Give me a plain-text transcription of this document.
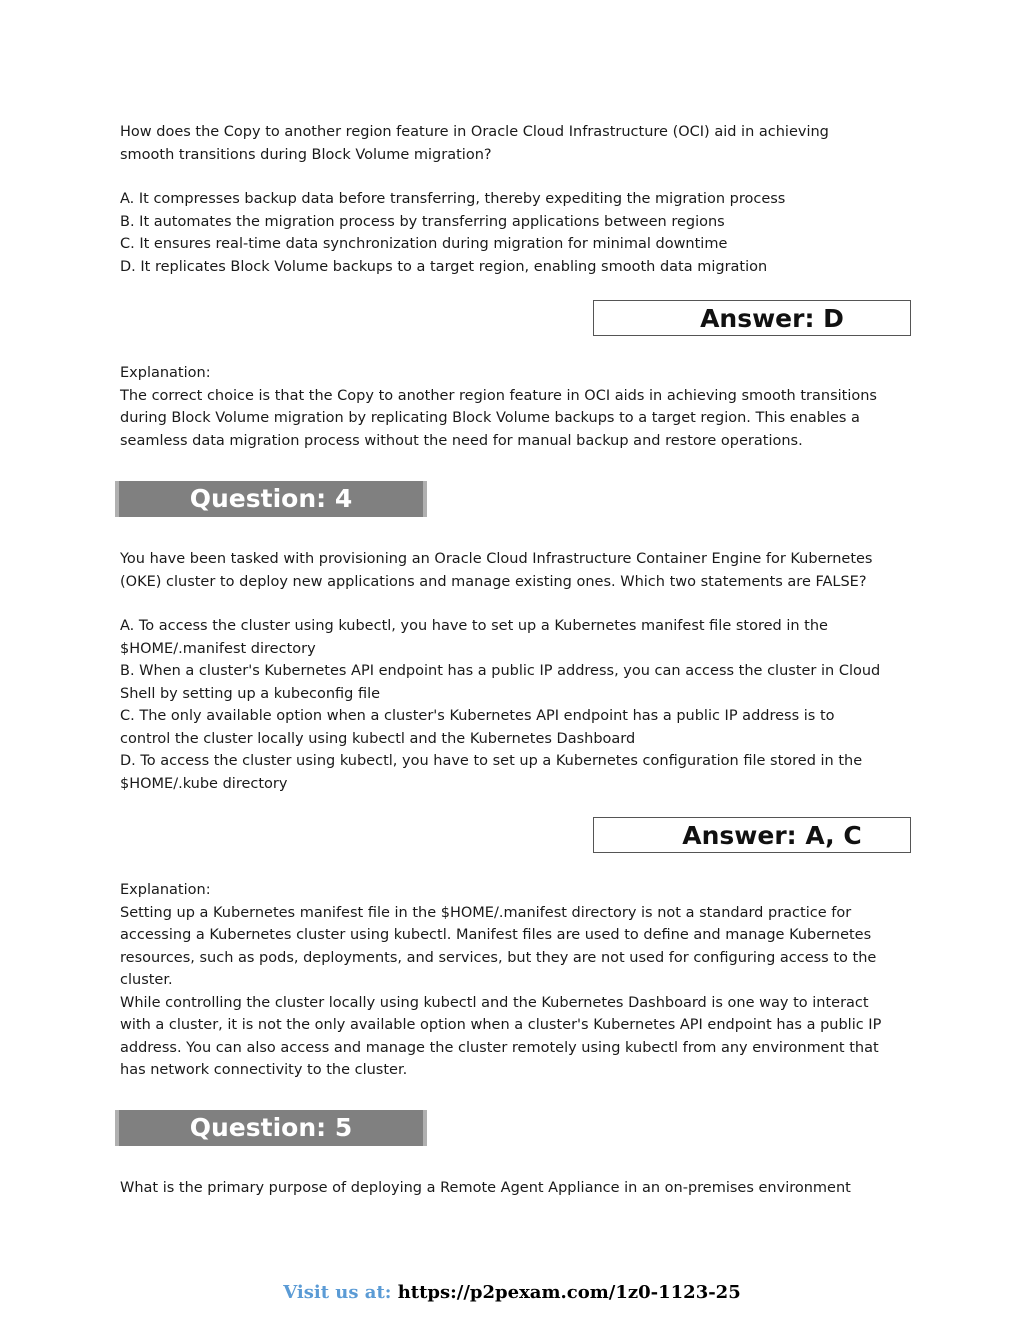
How does the Copy to another region feature in Oracle Cloud Infrastructure (OCI) aid in achieving
smooth transitions during Block Volume migration?
A. It compresses backup data before transferring, thereby expediting the migration process
B. It automates the migration process by transferring applications between regions
C. It ensures real-time data synchronization during migration for minimal downtime
D. It replicates Block Volume backups to a target region, enabling smooth data migration
Answer: D
Explanation:
The correct choice is that the Copy to another region feature in OCI aids in achieving smooth transitions
during Block Volume migration by replicating Block Volume backups to a target region. This enables a
seamless data migration process without the need for manual backup and restore operations.
Question: 4
You have been tasked with provisioning an Oracle Cloud Infrastructure Container Engine for Kubernetes
(OKE) cluster to deploy new applications and manage existing ones. Which two statements are FALSE?
A. To access the cluster using kubectl, you have to set up a Kubernetes manifest file stored in the
$HOME/.manifest directory
B. When a cluster's Kubernetes API endpoint has a public IP address, you can access the cluster in Cloud
Shell by setting up a kubeconfig file
C. The only available option when a cluster's Kubernetes API endpoint has a public IP address is to
control the cluster locally using kubectl and the Kubernetes Dashboard
D. To access the cluster using kubectl, you have to set up a Kubernetes configuration file stored in the
$HOME/.kube directory
Answer: A, C
Explanation:
Setting up a Kubernetes manifest file in the $HOME/.manifest directory is not a standard practice for
accessing a Kubernetes cluster using kubectl. Manifest files are used to define and manage Kubernetes
resources, such as pods, deployments, and services, but they are not used for configuring access to the
cluster.
While controlling the cluster locally using kubectl and the Kubernetes Dashboard is one way to interact
with a cluster, it is not the only available option when a cluster's Kubernetes API endpoint has a public IP
address. You can also access and manage the cluster remotely using kubectl from any environment that
has network connectivity to the cluster.
Question: 5
What is the primary purpose of deploying a Remote Agent Appliance in an on-premises environment
Visit us at: https://p2pexam.com/1z0-1123-25
